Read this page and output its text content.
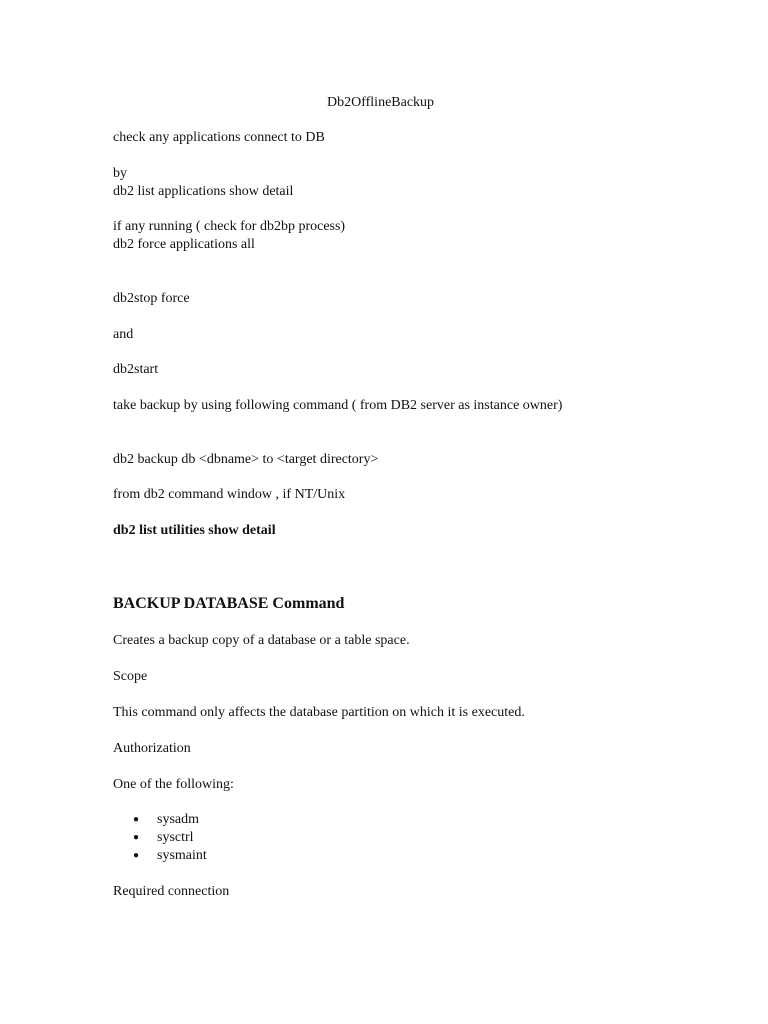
Db2OfflineBackup
check any applications connect to DB
by
db2 list applications show detail
if any running ( check for db2bp process)
db2 force applications all
db2stop force
and
db2start
take backup by using following command ( from DB2 server as instance owner)
db2 backup db <dbname> to <target directory>
from db2 command window , if NT/Unix
db2 list utilities show detail
BACKUP DATABASE Command
Creates a backup copy of a database or a table space.
Scope
This command only affects the database partition on which it is executed.
Authorization
One of the following:
● sysadm
● sysctrl
● sysmaint
Required connection
